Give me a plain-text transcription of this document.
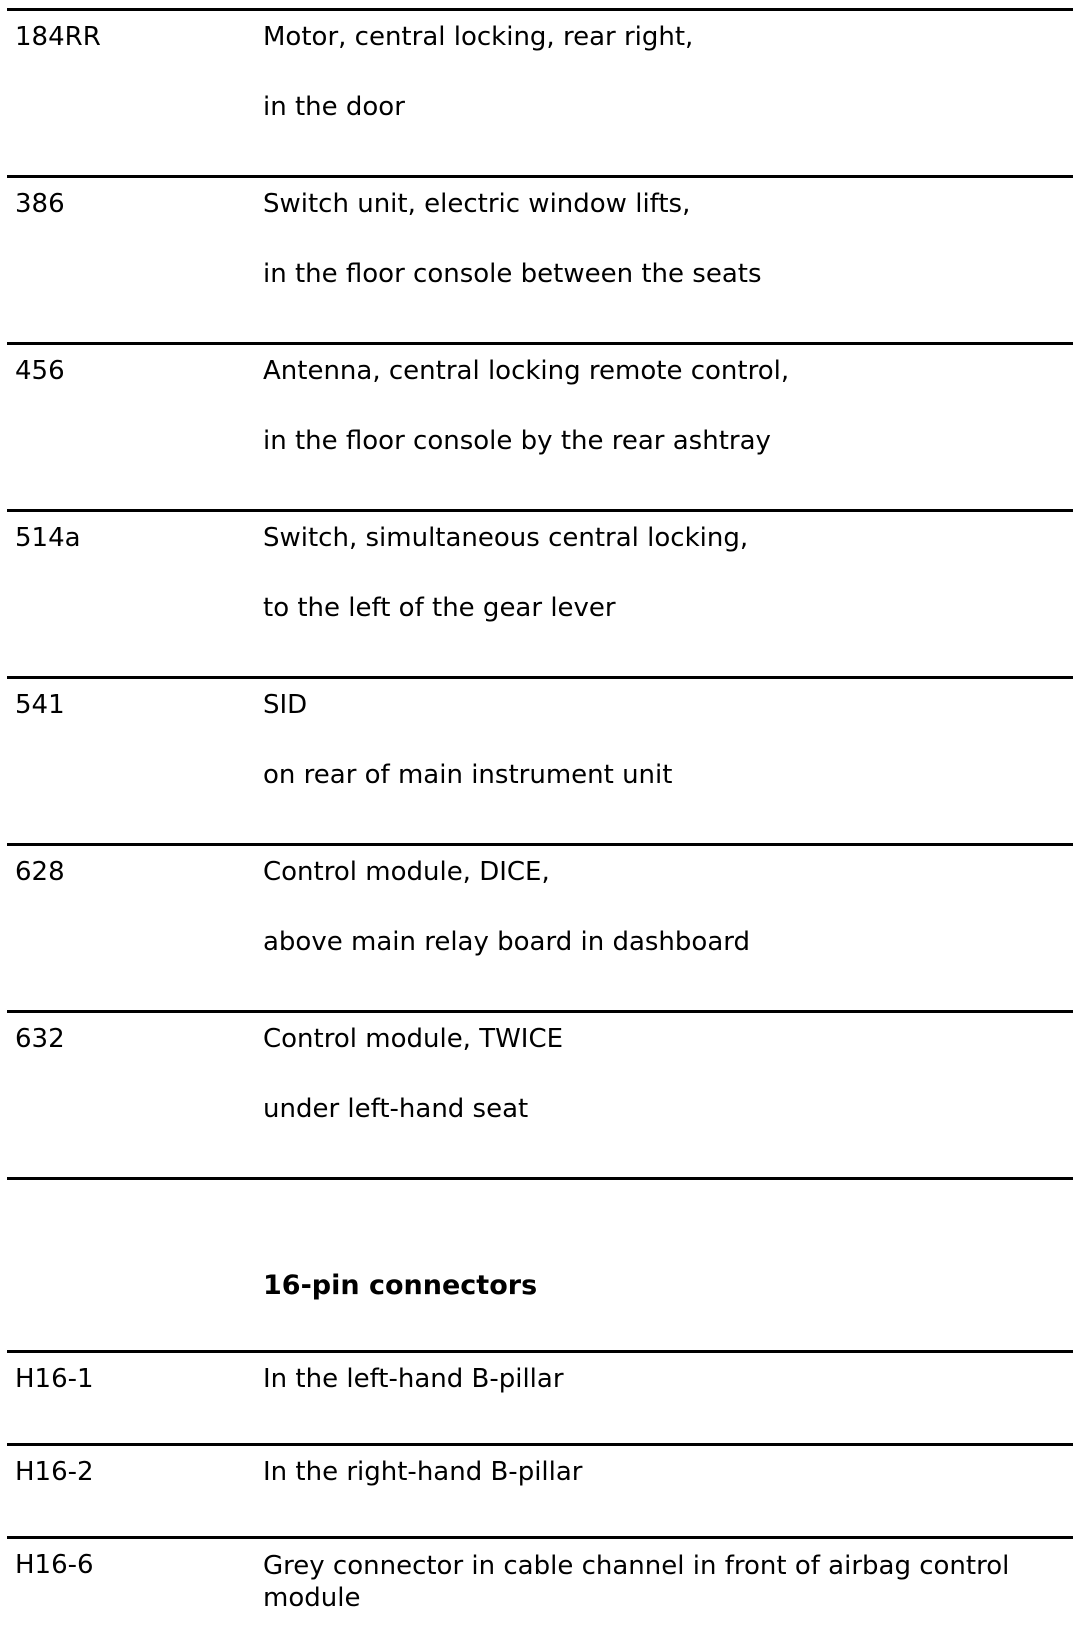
184RR	Motor, central locking, rear right,
in the door
386	Switch unit, electric window lifts,
in the floor console between the seats
456	Antenna, central locking remote control,
in the floor console by the rear ashtray
514a	Switch, simultaneous central locking,
to the left of the gear lever
541	SID
on rear of main instrument unit
628	Control module, DICE,
above main relay board in dashboard
632	Control module, TWICE
under left-hand seat
16-pin connectors
H16-1	In the left-hand B-pillar
H16-2	In the right-hand B-pillar
H16-6	Grey connector in cable channel in front of airbag control module
